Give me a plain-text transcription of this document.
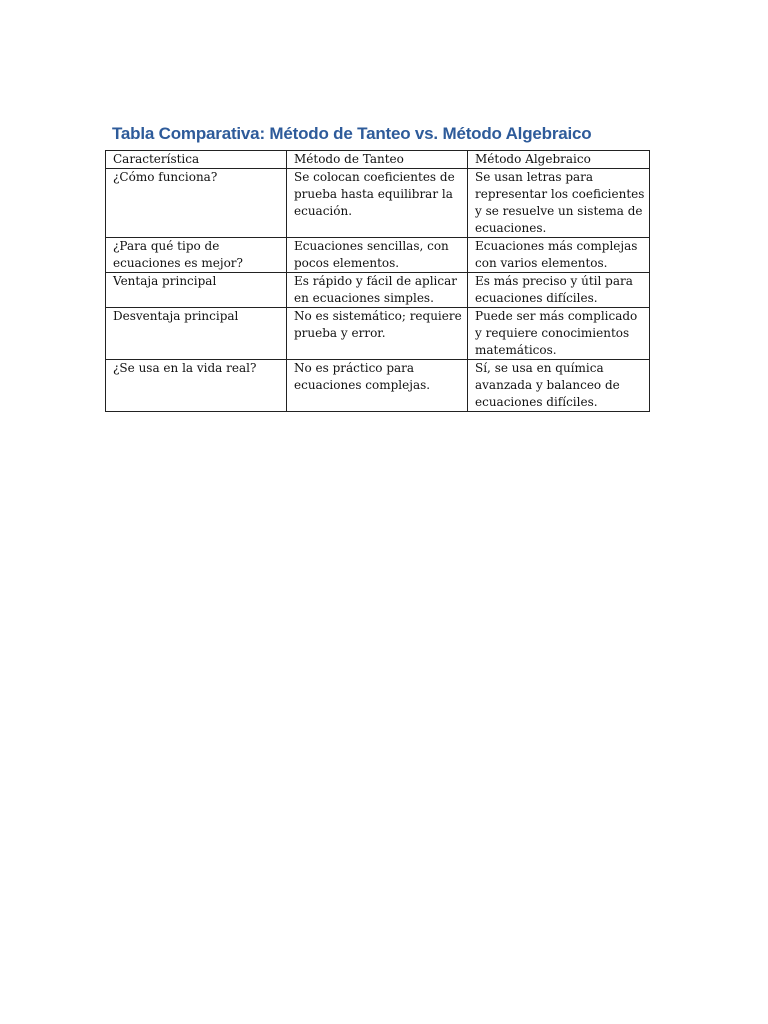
Tabla Comparativa: Método de Tanteo vs. Método Algebraico
Característica	Método de Tanteo	Método Algebraico
¿Cómo funciona?	Se colocan coeficientes de prueba hasta equilibrar la ecuación.	Se usan letras para representar los coeficientes y se resuelve un sistema de ecuaciones.
¿Para qué tipo de ecuaciones es mejor?	Ecuaciones sencillas, con pocos elementos.	Ecuaciones más complejas con varios elementos.
Ventaja principal	Es rápido y fácil de aplicar en ecuaciones simples.	Es más preciso y útil para ecuaciones difíciles.
Desventaja principal	No es sistemático; requiere prueba y error.	Puede ser más complicado y requiere conocimientos matemáticos.
¿Se usa en la vida real?	No es práctico para ecuaciones complejas.	Sí, se usa en química avanzada y balanceo de ecuaciones difíciles.
